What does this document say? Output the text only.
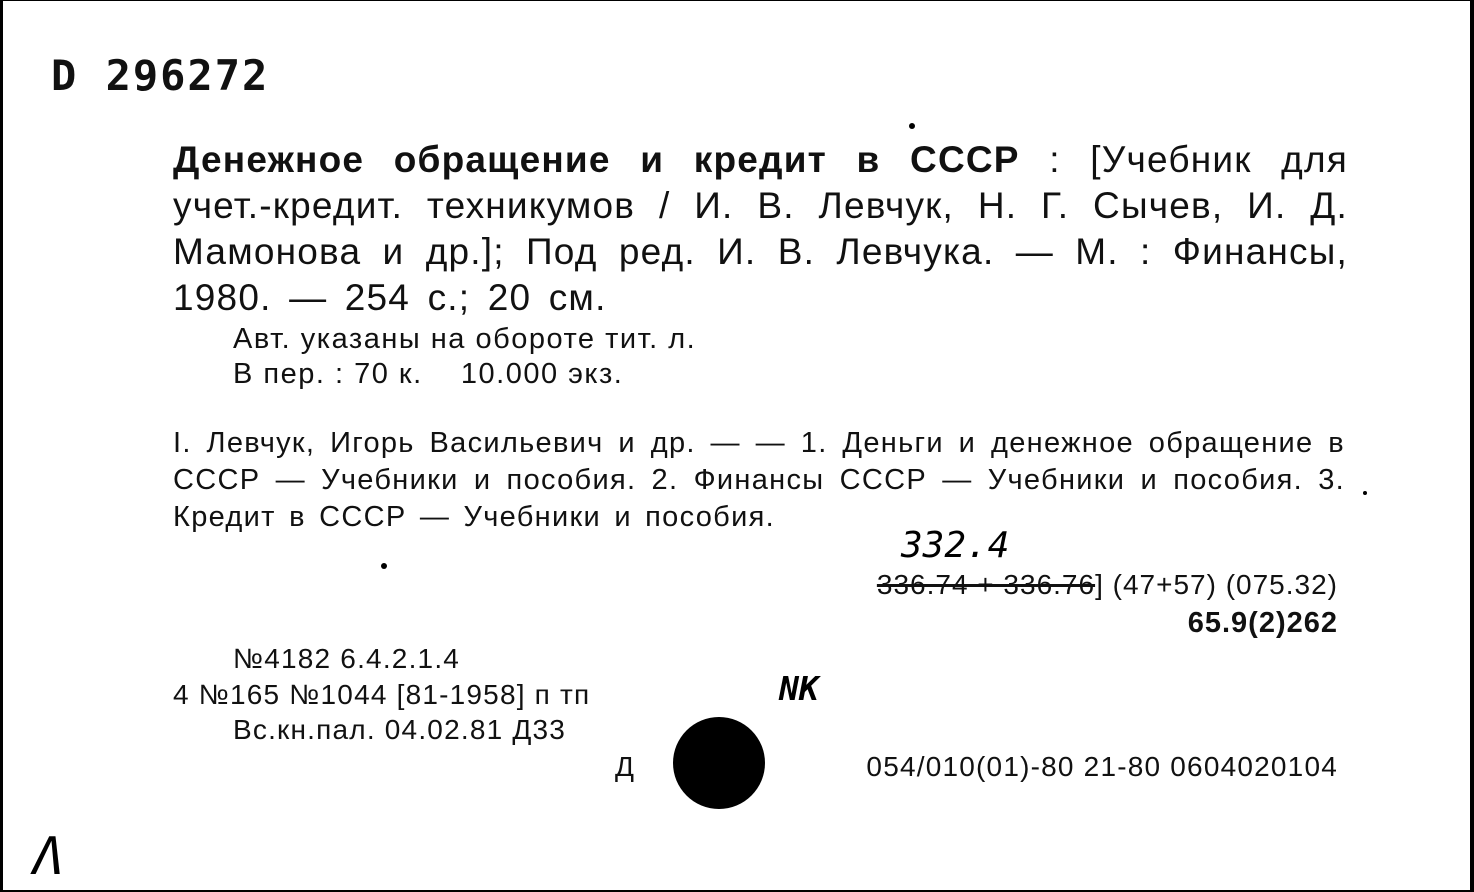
D 296272
Денежное обращение и кредит в СССР : [Учебник для учет.-кредит. техникумов / И. В. Левчук, Н. Г. Сычев, И. Д. Мамонова и др.]; Под ред. И. В. Левчука. — М. : Финансы, 1980. — 254 с.; 20 см.
Авт. указаны на обороте тит. л.
В пер. : 70 к.    10.000 экз.
I. Левчук, Игорь Васильевич и др. — — 1. Деньги и денежное обращение в СССР — Учебники и пособия. 2. Финансы СССР — Учебники и пособия. 3. Кредит в СССР — Учебники и пособия.
332.4
336.74 + 336.76] (47+57) (075.32)
65.9(2)262
№4182 6.4.2.1.4
4 №165 №1044 [81-1958] п тп	NK
Вс.кн.пал. 04.02.81 Д33
Д	054/010(01)-80 21-80 0604020104
Λ
